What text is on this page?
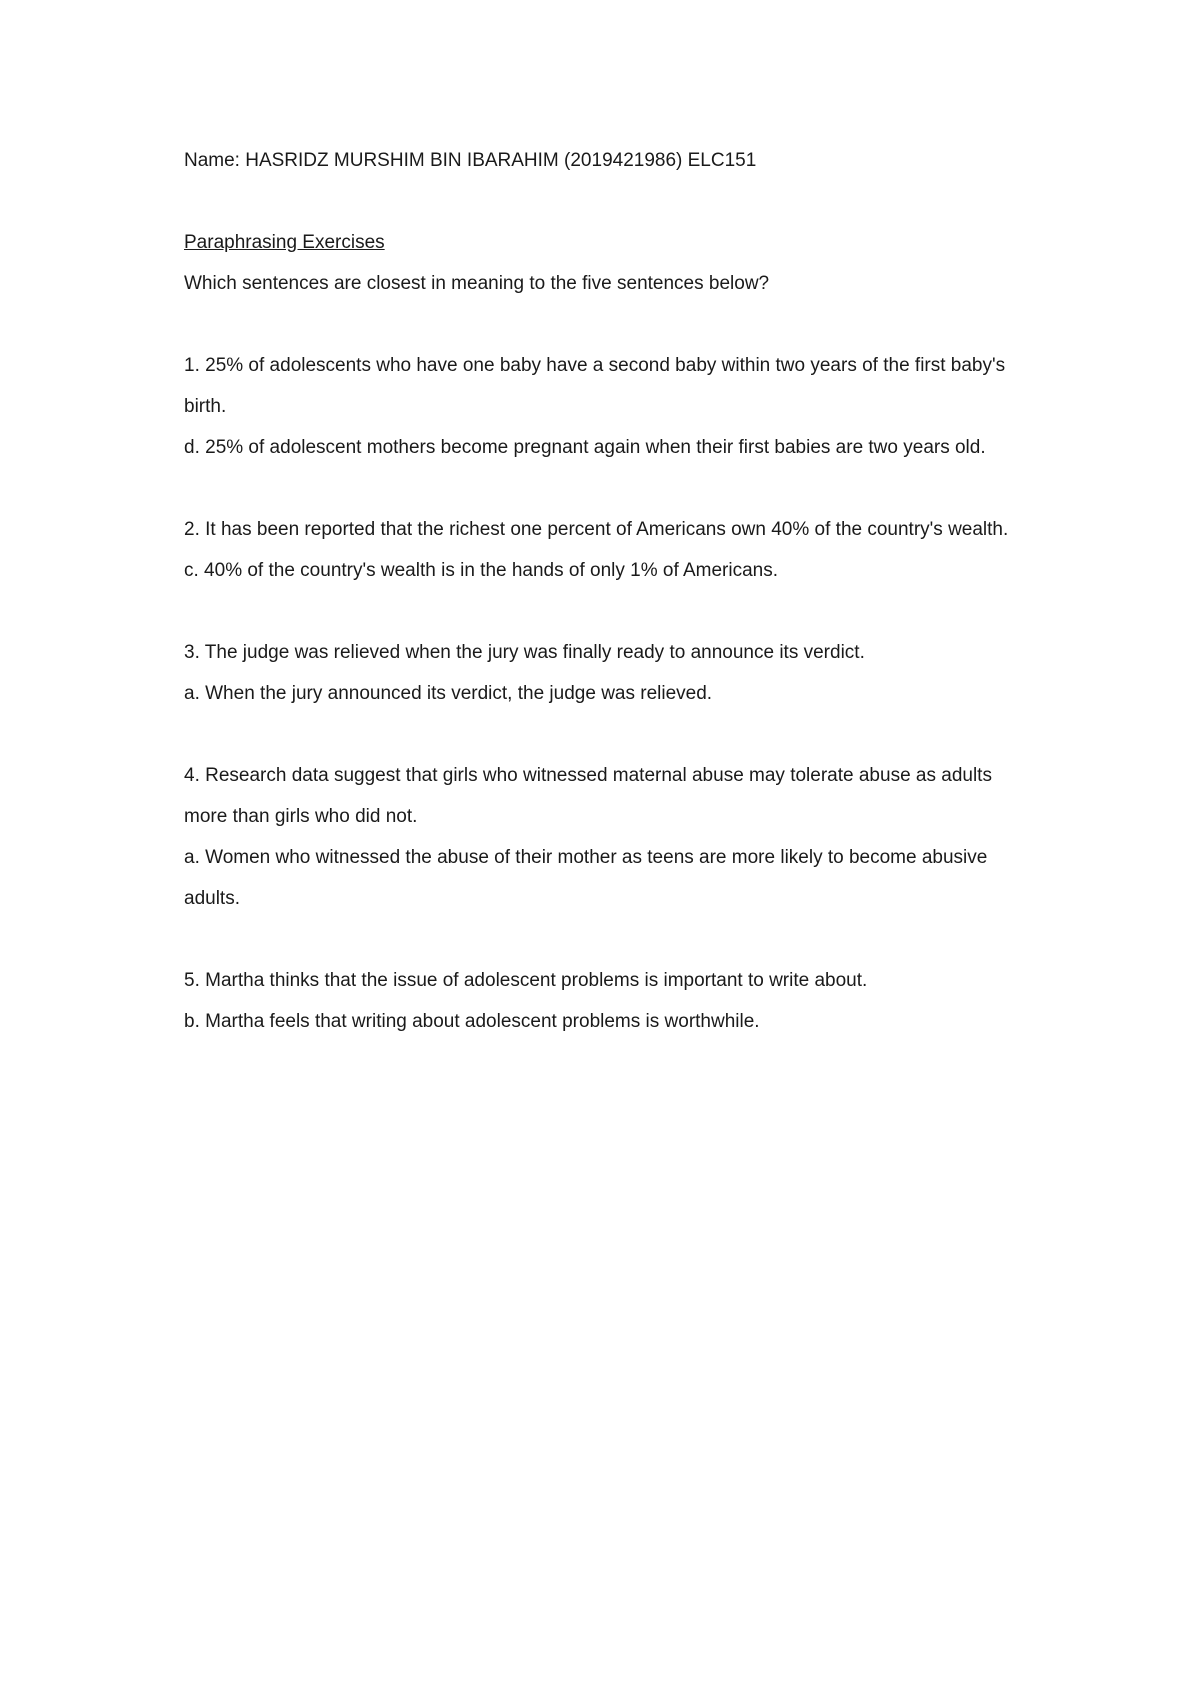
Name: HASRIDZ MURSHIM BIN IBARAHIM (2019421986) ELC151
Paraphrasing Exercises
Which sentences are closest in meaning to the five sentences below?
1. 25% of adolescents who have one baby have a second baby within two years of the first baby's birth.
d. 25% of adolescent mothers become pregnant again when their first babies are two years old.
2. It has been reported that the richest one percent of Americans own 40% of the country's wealth.
c. 40% of the country's wealth is in the hands of only 1% of Americans.
3. The judge was relieved when the jury was finally ready to announce its verdict.
a. When the jury announced its verdict, the judge was relieved.
4. Research data suggest that girls who witnessed maternal abuse may tolerate abuse as adults more than girls who did not.
a. Women who witnessed the abuse of their mother as teens are more likely to become abusive adults.
5. Martha thinks that the issue of adolescent problems is important to write about.
b. Martha feels that writing about adolescent problems is worthwhile.
